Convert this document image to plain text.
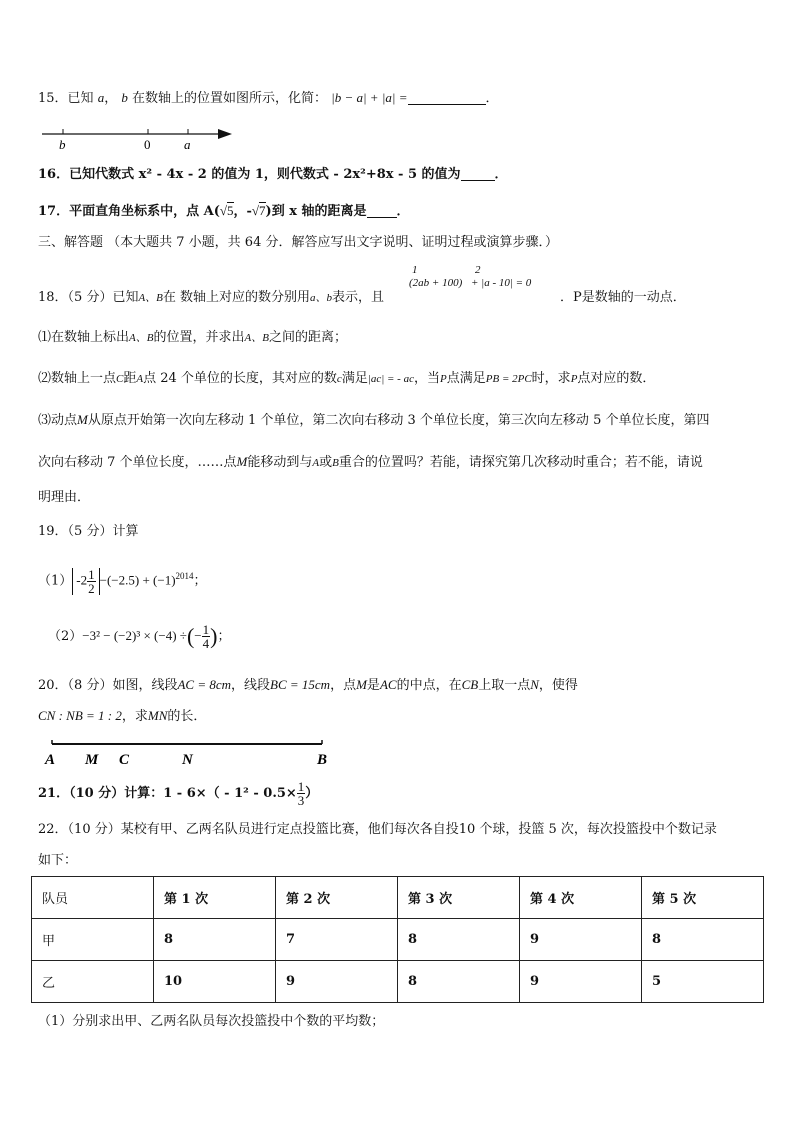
15．已知 a， b 在数轴上的位置如图所示，化简： |b − a| + |a| =	．
b	0	a
16．已知代数式 x² - 4x - 2 的值为 1，则代数式 - 2x²+8x - 5 的值为	．
17．平面直角坐标系中，点 A(√5，-√7)到 x 轴的距离是 ．
三、解答题 （本大题共 7 小题，共 64 分．解答应写出文字说明、证明过程或演算步骤．）
18．（5 分）已知A、B在 数轴上对应的数分别用a、b表示，且
1	2
(2ab + 100) + |a - 10| = 0
．P是数轴的一动点．
⑴在数轴上标出A、B的位置，并求出A、B之间的距离；
⑵数轴上一点C距A点 24 个单位的长度，其对应的数c满足|ac| = - ac，当P点满足PB = 2PC时，求P点对应的数．
⑶动点M从原点开始第一次向左移动 1 个单位，第二次向右移动 3 个单位长度，第三次向左移动 5 个单位长度，第四
次向右移动 7 个单位长度，……点M能移动到与A或B重合的位置吗？若能，请探究第几次移动时重合；若不能，请说
明理由．
19．（5 分）计算
（1） $-2 \frac{1}{2} -(-2.5) + (-1)^{2014}$；
（2）−3² − (−2)³ × (−4) ÷(− $\frac{1}{4}$ )；
20．（8 分）如图，线段AC = 8cm，线段BC = 15cm，点M是AC的中点，在CB上取一点N，使得
CN : NB = 1 : 2，求MN的长．
A M C	N	B
21．（10 分）计算：$1 - 6\times( - 1^2 - 0.5\times \frac{1}{3}$ ）
22．（10 分）某校有甲、乙两名队员进行定点投篮比赛，他们每次各自投10 个球，投篮 5 次，每次投篮投中个数记录
如下：
队员	第 1 次	第 2 次	第 3 次	第 4 次	第 5 次
甲	8	7	8	9	8
乙	10	9	8	9	5
（1）分别求出甲、乙两名队员每次投篮投中个数的平均数；
